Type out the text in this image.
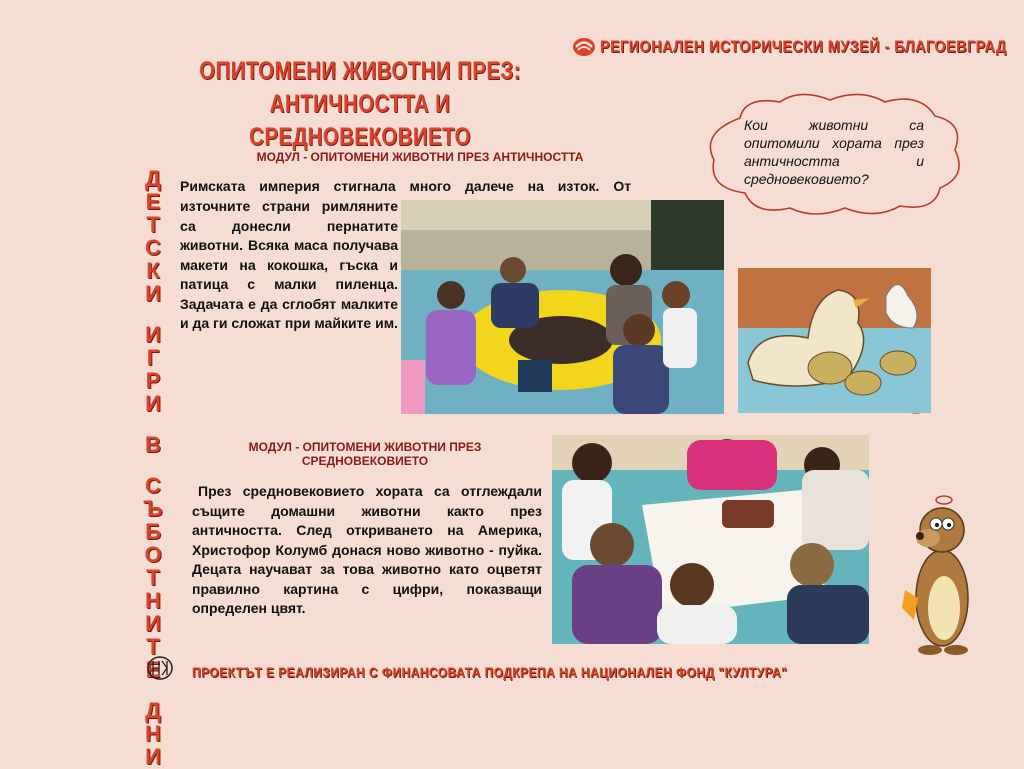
РЕГИОНАЛЕН ИСТОРИЧЕСКИ МУЗЕЙ - БЛАГОЕВГРАД
ОПИТОМЕНИ ЖИВОТНИ ПРЕЗ:
АНТИЧНОСТТА И СРЕДНОВЕКОВИЕТО	Кои животни са опитомили хората през античността и средновековието?
Д
Е
Т
С
К
И

И
Г
Р
И

В

С
Ъ
Б
О
Т
Н
И
Т
Е

Д
Н
И
МОДУЛ - ОПИТОМЕНИ ЖИВОТНИ ПРЕЗ АНТИЧНОСТТА
Римската империя стигнала много далече на изток. От
източните страни римляните са донесли пернатите животни. Всяка маса получава макети на кокошка, гъска и патица с малки пиленца. Задачата е да сглобят малките и да ги сложат при майките им.
МОДУЛ - ОПИТОМЕНИ ЖИВОТНИ ПРЕЗ
СРЕДНОВЕКОВИЕТО
През средновековието хората са отглеждали същите домашни животни както през античността. След откриването на Америка, Христофор Колумб донася ново животно - пуйка. Децата научават за това животно като оцветят правилно картина с цифри, показващи определен цвят.
ПРОЕКТЪТ Е РЕАЛИЗИРАН С ФИНАНСОВАТА ПОДКРЕПА НА НАЦИОНАЛЕН ФОНД "КУЛТУРА"
